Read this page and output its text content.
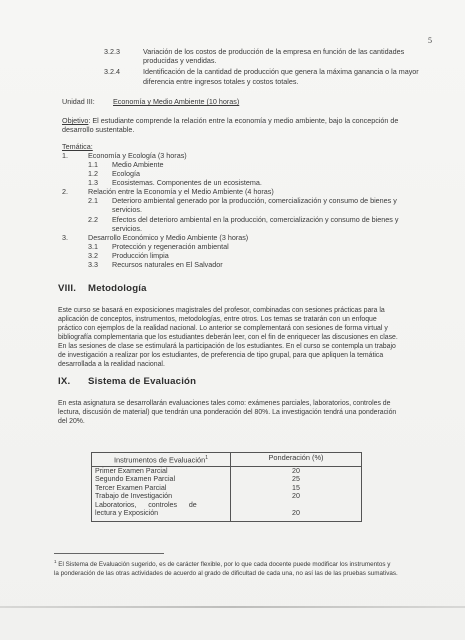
5
3.2.3	Variación de los costos de producción de la empresa en función de las cantidades
producidas y vendidas.
3.2.4	Identificación de la cantidad de producción que genera la máxima ganancia o la mayor
diferencia entre ingresos totales y costos totales.
Unidad III:	Economía y Medio Ambiente (10 horas)
Objetivo: El estudiante comprende la relación entre la economía y medio ambiente, bajo la concepción de
desarrollo sustentable.
Temática:
1.	Economía y Ecología (3 horas)
1.1 Medio Ambiente
1.2 Ecología
1.3 Ecosistemas. Componentes de un ecosistema.
2.	Relación entre la Economía y el Medio Ambiente (4 horas)
2.1 Deterioro ambiental generado por la producción, comercialización y consumo de bienes y
servicios.
2.2 Efectos del deterioro ambiental en la producción, comercialización y consumo de bienes y
servicios.
3.	Desarrollo Económico y Medio Ambiente (3 horas)
3.1 Protección y regeneración ambiental
3.2 Producción limpia
3.3 Recursos naturales en El Salvador
VIII. Metodología
Este curso se basará en exposiciones magistrales del profesor, combinadas con sesiones prácticas para la
aplicación de conceptos, instrumentos, metodologías, entre otros. Los temas se tratarán con un enfoque
práctico con ejemplos de la realidad nacional. Lo anterior se complementará con sesiones de forma virtual y
bibliografía complementaria que los estudiantes deberán leer, con el fin de enriquecer las discusiones en clase.
En las sesiones de clase se estimulará la participación de los estudiantes. En el curso se contempla un trabajo
de investigación a realizar por los estudiantes, de preferencia de tipo grupal, para que apliquen la temática
desarrollada a la realidad nacional.
IX. Sistema de Evaluación
En esta asignatura se desarrollarán evaluaciones tales como: exámenes parciales, laboratorios, controles de
lectura, discusión de material) que tendrán una ponderación del 80%. La investigación tendrá una ponderación
del 20%.
Instrumentos de Evaluación$^1$	Ponderación (%)
Primer Examen Parcial	20
Segundo Examen Parcial	25
Tercer Examen Parcial	15
Trabajo de Investigación	20

Laboratorios,      controles      de
lectura y Exposición	20
$^1$ El Sistema de Evaluación sugerido, es de carácter flexible, por lo que cada docente puede modificar los instrumentos y
la ponderación de las otras actividades de acuerdo al grado de dificultad de cada una, no así las de las pruebas sumativas.
